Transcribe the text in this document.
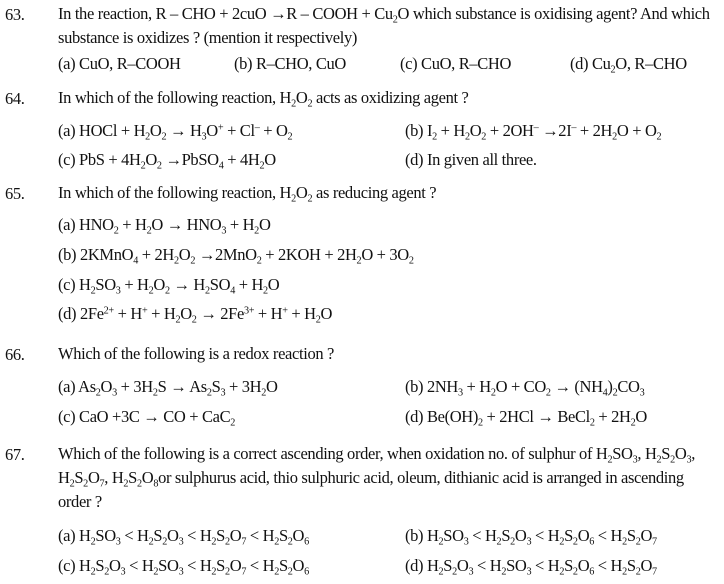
63. In the reaction, R – CHO + 2cuO →R – COOH + $Cu_2O$ which substance is oxidising agent? And which substance is oxidizes ? (mention it respectively)
(a) CuO, R–COOH	(b) R–CHO, CuO	(c) CuO, R–CHO	(d) $Cu_2O$, R–CHO
64. In which of the following reaction, $H_2O_2$ acts as oxidizing agent ?
(a) HOCl + $H_2O_2 \to H_3O^+ + Cl^- + O_2$	(b) $I_2 + H_2O_2 + 2OH^- \to 2I^- + 2H_2O + O_2$
(c) PbS + $4H_2O_2$ →PbSO$_4$ + $4H_2O$	(d) In given all three.
65. In which of the following reaction, $H_2O_2$ as reducing agent ?
(a) $HNO_2 + H_2O \to HNO_3 + H_2O$
(b) 2KMnO$_4$ + $2H_2O_2 \to 2MnO_2 + 2KOH + 2H_2O + 3O_2$
(c) $H_2SO_3 + H_2O_2 \to H_2SO_4 + H_2O$
(d) $2Fe^{2+} + H^+ + H_2O_2 \to 2Fe^{3+} + H^+ + H_2O$
66. Which of the following is a redox reaction ?
(a) $As_2O_3 + 3H_2S \to As_2S_3 + 3H_2O$	(b) $2NH_3 + H_2O + CO_2 \to (NH_4)_2CO_3$
(c) CaO +3C → CO + CaC$_2$	(d) $Be(OH)_2 + 2HCl$ → BeCl$_2$ + $2H_2O$
67. Which of the following is a correct ascending order, when oxidation no. of sulphur of $H_2SO_3$, $H_2S_2O_3$, $H_2S_2O_7$, $H_2S_2O_8or$ sulphurus acid, thio sulphuric acid, oleum, dithianic acid is arranged in ascending order ?
(a) $H_2SO_3 < H_2S_2O_3 < H_2S_2O_7 < H_2S_2O_6$	(b) $H_2SO_3 < H_2S_2O_3 < H_2S_2O_6 < H_2S_2O_7$
(c) $H_2S_2O_3 < H_2SO_3 < H_2S_2O_7 < H_2S_2O_6$	(d) $H_2S_2O_3 < H_2SO_3 < H_2S_2O_6 < H_2S_2O_7$
